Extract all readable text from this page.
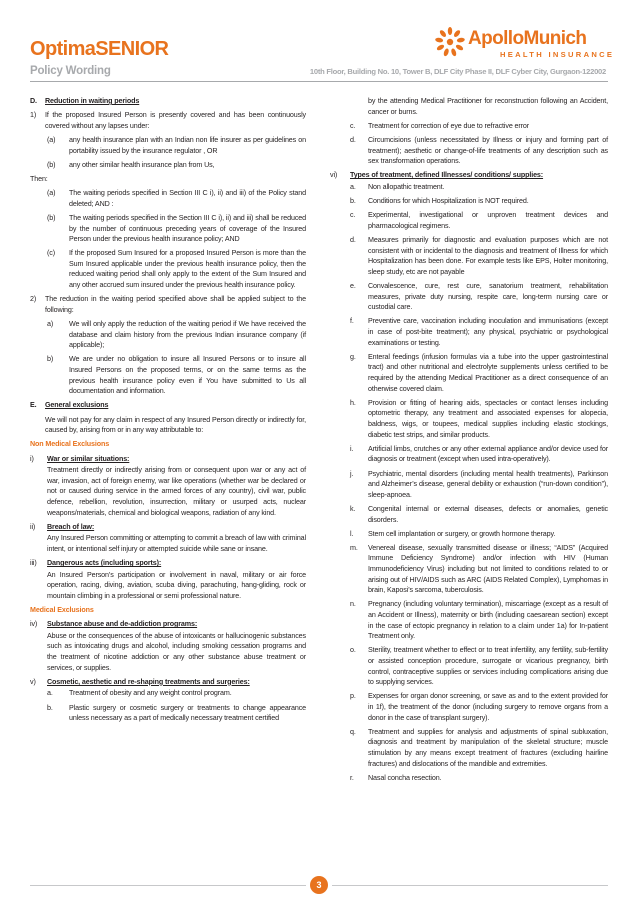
OptimaSENIOR
Policy Wording	10th Floor, Building No. 10, Tower B, DLF City Phase II, DLF Cyber City, Gurgaon-122002
ApolloMunich
HEALTH INSURANCE
D.	Reduction in waiting periods
1)	If the proposed Insured Person is presently covered and has been continuously covered without any lapses under:
(a)	any health insurance plan with an Indian non life insurer as per guidelines on portability issued by the insurance regulator , OR
(b)	any other similar health insurance plan from Us,
Then:
(a)	The waiting periods specified in Section III C i), ii) and iii) of the Policy stand deleted; AND :
(b)	The waiting periods specified in the Section III C i), ii) and iii) shall be reduced by the number of continuous preceding years of coverage of the Insured Person under the previous health insurance policy; AND
(c)	If the proposed Sum Insured for a proposed Insured Person is more than the Sum Insured applicable under the previous health insurance policy, then the reduced waiting period shall only apply to the extent of the Sum Insured and any other accrued sum insured under the previous health insurance policy.
2)	The reduction in the waiting period specified above shall be applied subject to the following:
a)	We will only apply the reduction of the waiting period if We have received the database and claim history from the previous Indian insurance company (if applicable);
b)	We are under no obligation to insure all Insured Persons or to insure all Insured Persons on the proposed terms, or on the same terms as the previous health insurance policy even if You have submitted to Us all documentation and information.
E.	General exclusions
We will not pay for any claim in respect of any Insured Person directly or indirectly for, caused by, arising from or in any way attributable to:
Non Medical Exclusions
i)	War or similar situations:
Treatment directly or indirectly arising from or consequent upon war or any act of war, invasion, act of foreign enemy, war like operations (whether war be declared or not or caused during service in the armed forces of any country), civil war, public defence, rebellion, revolution, insurrection, military or usurped acts, nuclear weapons/materials, chemical and biological weapons, radiation of any kind.
ii)	Breach of law:
Any Insured Person committing or attempting to commit a breach of law with criminal intent, or intentional self injury or attempted suicide while sane or insane.
iii)	Dangerous acts (including sports):
An Insured Person’s participation or involvement in naval, military or air force operation, racing, diving, aviation, scuba diving, parachuting, hang-gliding, rock or mountain climbing in a professional or semi professional nature.
Medical Exclusions
iv)	Substance abuse and de-addiction programs:
Abuse or the consequences of the abuse of intoxicants or hallucinogenic substances such as intoxicating drugs and alcohol, including smoking cessation programs and the treatment of nicotine addiction or any other substance abuse treatment or services, or supplies.
v)	Cosmetic, aesthetic and re-shaping treatments and surgeries:
a.	Treatment of obesity and any weight control program.
b.	Plastic surgery or cosmetic surgery or treatments to change appearance unless necessary as a part of medically necessary treatment certified
by the attending Medical Practitioner for reconstruction following an Accident, cancer or burns.
c.	Treatment for correction of eye due to refractive error
d.	Circumcisions (unless necessitated by Illness or injury and forming part of treatment); aesthetic or change-of-life treatments of any description such as sex transformation operations.
vi)	Types of treatment, defined Illnesses/ conditions/ supplies:
a.	Non allopathic treatment.
b.	Conditions for which Hospitalization is NOT required.
c.	Experimental, investigational or unproven treatment devices and pharmacological regimens.
d.	Measures primarily for diagnostic and evaluation purposes which are not consistent with or incidental to the diagnosis and treatment of Illness for which Hospitalization has been done. For example tests like EPS, Holter monitoring, sleep study, etc are not payable
e.	Convalescence, cure, rest cure, sanatorium treatment, rehabilitation measures, private duty nursing, respite care, long-term nursing care or custodial care.
f.	Preventive care, vaccination including inoculation and immunisations (except in case of post-bite treatment); any physical, psychiatric or psychological examinations or testing.
g.	Enteral feedings (infusion formulas via a tube into the upper gastrointestinal tract) and other nutritional and electrolyte supplements unless certified to be required by the attending Medical Practitioner as a direct consequence of an otherwise covered claim.
h.	Provision or fitting of hearing aids, spectacles or contact lenses including optometric therapy, any treatment and associated expenses for alopecia, baldness, wigs, or toupees, medical supplies including elastic stockings, diabetic test strips, and similar products.
i.	Artificial limbs, crutches or any other external appliance and/or device used for diagnosis or treatment (except when used intra-operatively).
j.	Psychiatric, mental disorders (including mental health treatments), Parkinson and Alzheimer’s disease, general debility or exhaustion (“run-down condition”), sleep-apnoea.
k.	Congenital internal or external diseases, defects or anomalies, genetic disorders.
l.	Stem cell implantation or surgery, or growth hormone therapy.
m.	Venereal disease, sexually transmitted disease or illness; “AIDS” (Acquired Immune Deficiency Syndrome) and/or infection with HIV (Human Immunodeficiency Virus) including but not limited to conditions related to or arising out of HIV/AIDS such as ARC (AIDS Related Complex), Lymphomas in brain, Kaposi’s sarcoma, tuberculosis.
n.	Pregnancy (including voluntary termination), miscarriage (except as a result of an Accident or Illness), maternity or birth (including caesarean section) except in the case of ectopic pregnancy in relation to a claim under 1a) for In-patient Treatment only.
o.	Sterility, treatment whether to effect or to treat infertility, any fertility, sub-fertility or assisted conception procedure, surrogate or vicarious pregnancy, birth control, contraceptive supplies or services including complications arising due to supplying services.
p.	Expenses for organ donor screening, or save as and to the extent provided for in 1f), the treatment of the donor (including surgery to remove organs from a donor in the case of transplant surgery).
q.	Treatment and supplies for analysis and adjustments of spinal subluxation, diagnosis and treatment by manipulation of the skeletal structure; muscle stimulation by any means except treatment of fractures (excluding hairline fractures) and dislocations of the mandible and extremities.
r.	Nasal concha resection.
3
